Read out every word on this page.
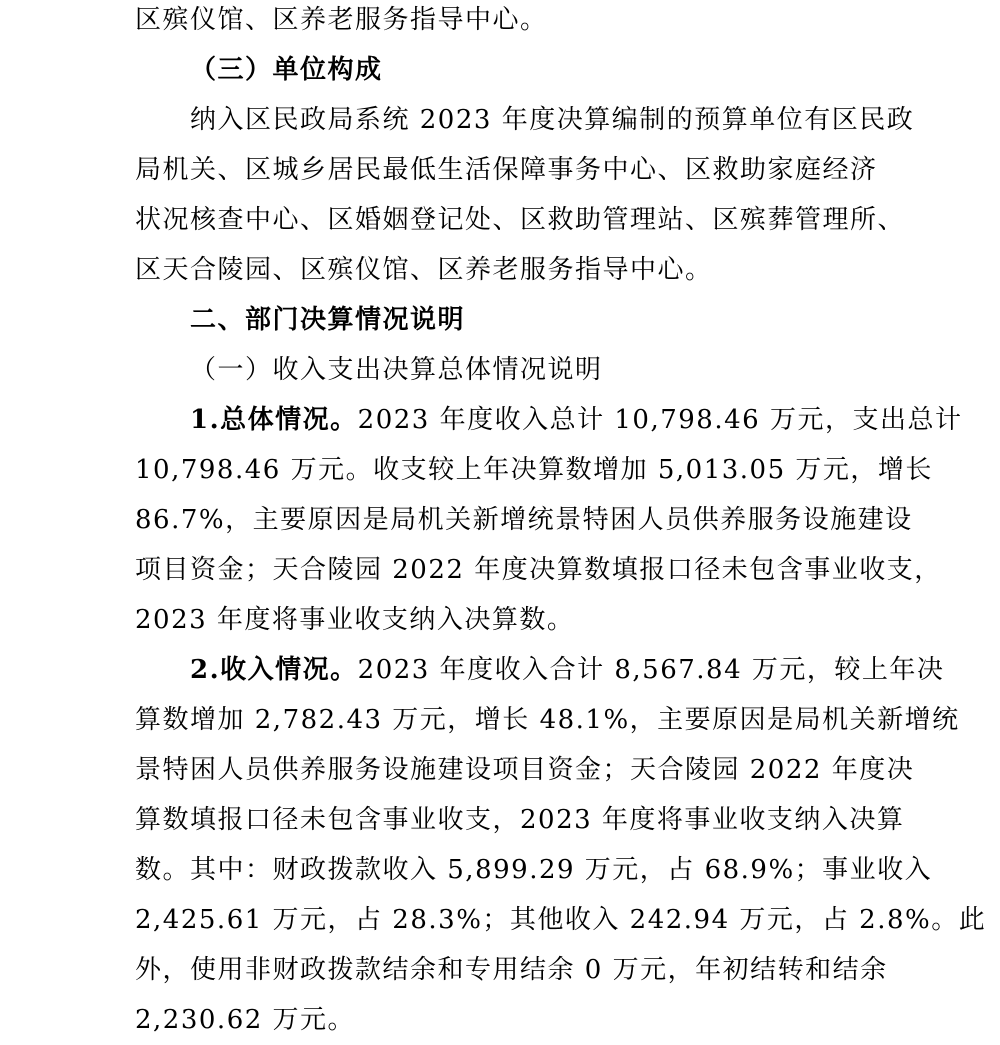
区殡仪馆、区养老服务指导中心。
（三）单位构成
纳入区民政局系统 2023 年度决算编制的预算单位有区民政
局机关、区城乡居民最低生活保障事务中心、区救助家庭经济
状况核查中心、区婚姻登记处、区救助管理站、区殡葬管理所、
区天合陵园、区殡仪馆、区养老服务指导中心。
二、部门决算情况说明
（一）收入支出决算总体情况说明
1.总体情况。2023 年度收入总计 10,798.46 万元，支出总计
10,798.46 万元。收支较上年决算数增加 5,013.05 万元，增长
86.7%，主要原因是局机关新增统景特困人员供养服务设施建设
项目资金；天合陵园 2022 年度决算数填报口径未包含事业收支，
2023 年度将事业收支纳入决算数。
2.收入情况。2023 年度收入合计 8,567.84 万元，较上年决
算数增加 2,782.43 万元，增长 48.1%，主要原因是局机关新增统
景特困人员供养服务设施建设项目资金；天合陵园 2022 年度决
算数填报口径未包含事业收支，2023 年度将事业收支纳入决算
数。其中：财政拨款收入 5,899.29 万元，占 68.9%；事业收入
2,425.61 万元，占 28.3%；其他收入 242.94 万元，占 2.8%。此
外，使用非财政拨款结余和专用结余 0 万元，年初结转和结余
2,230.62 万元。
